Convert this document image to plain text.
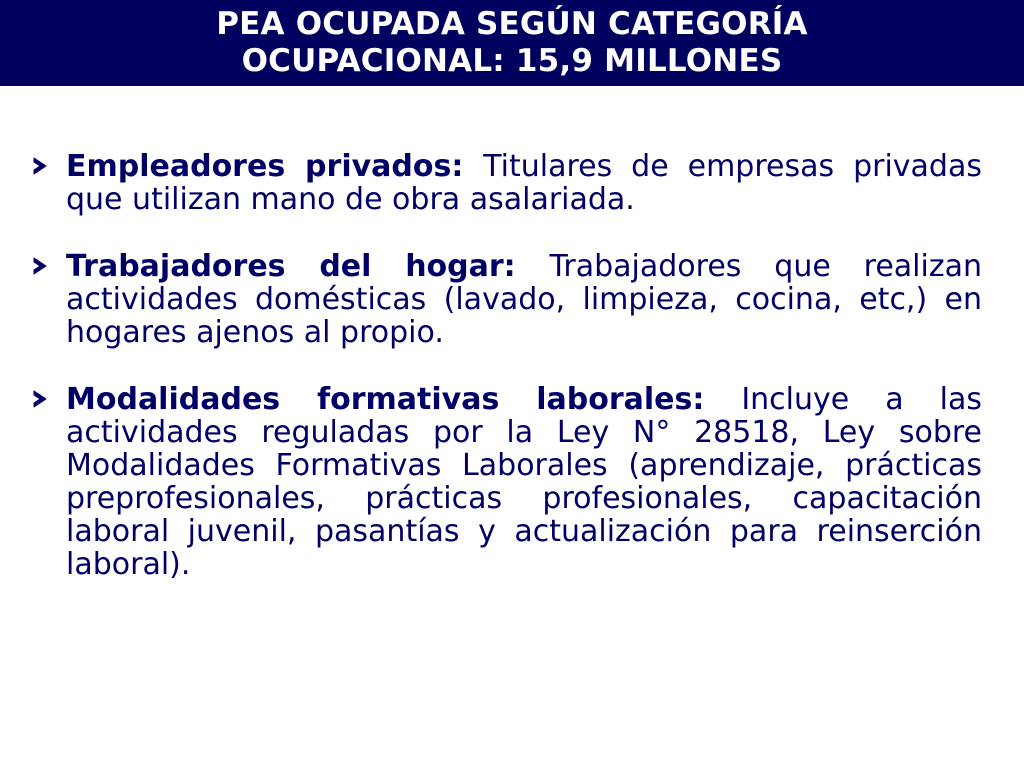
PEA OCUPADA SEGÚN CATEGORÍA
OCUPACIONAL: 15,9 MILLONES
Empleadores privados: Titulares de empresas privadas que utilizan mano de obra asalariada.
Trabajadores del hogar: Trabajadores que realizan actividades domésticas (lavado, limpieza, cocina, etc,) en hogares ajenos al propio.
Modalidades formativas laborales: Incluye a las actividades reguladas por la Ley N° 28518, Ley sobre Modalidades Formativas Laborales (aprendizaje, prácticas preprofesionales, prácticas profesionales, capacitación laboral juvenil, pasantías y actualización para reinserción laboral).
